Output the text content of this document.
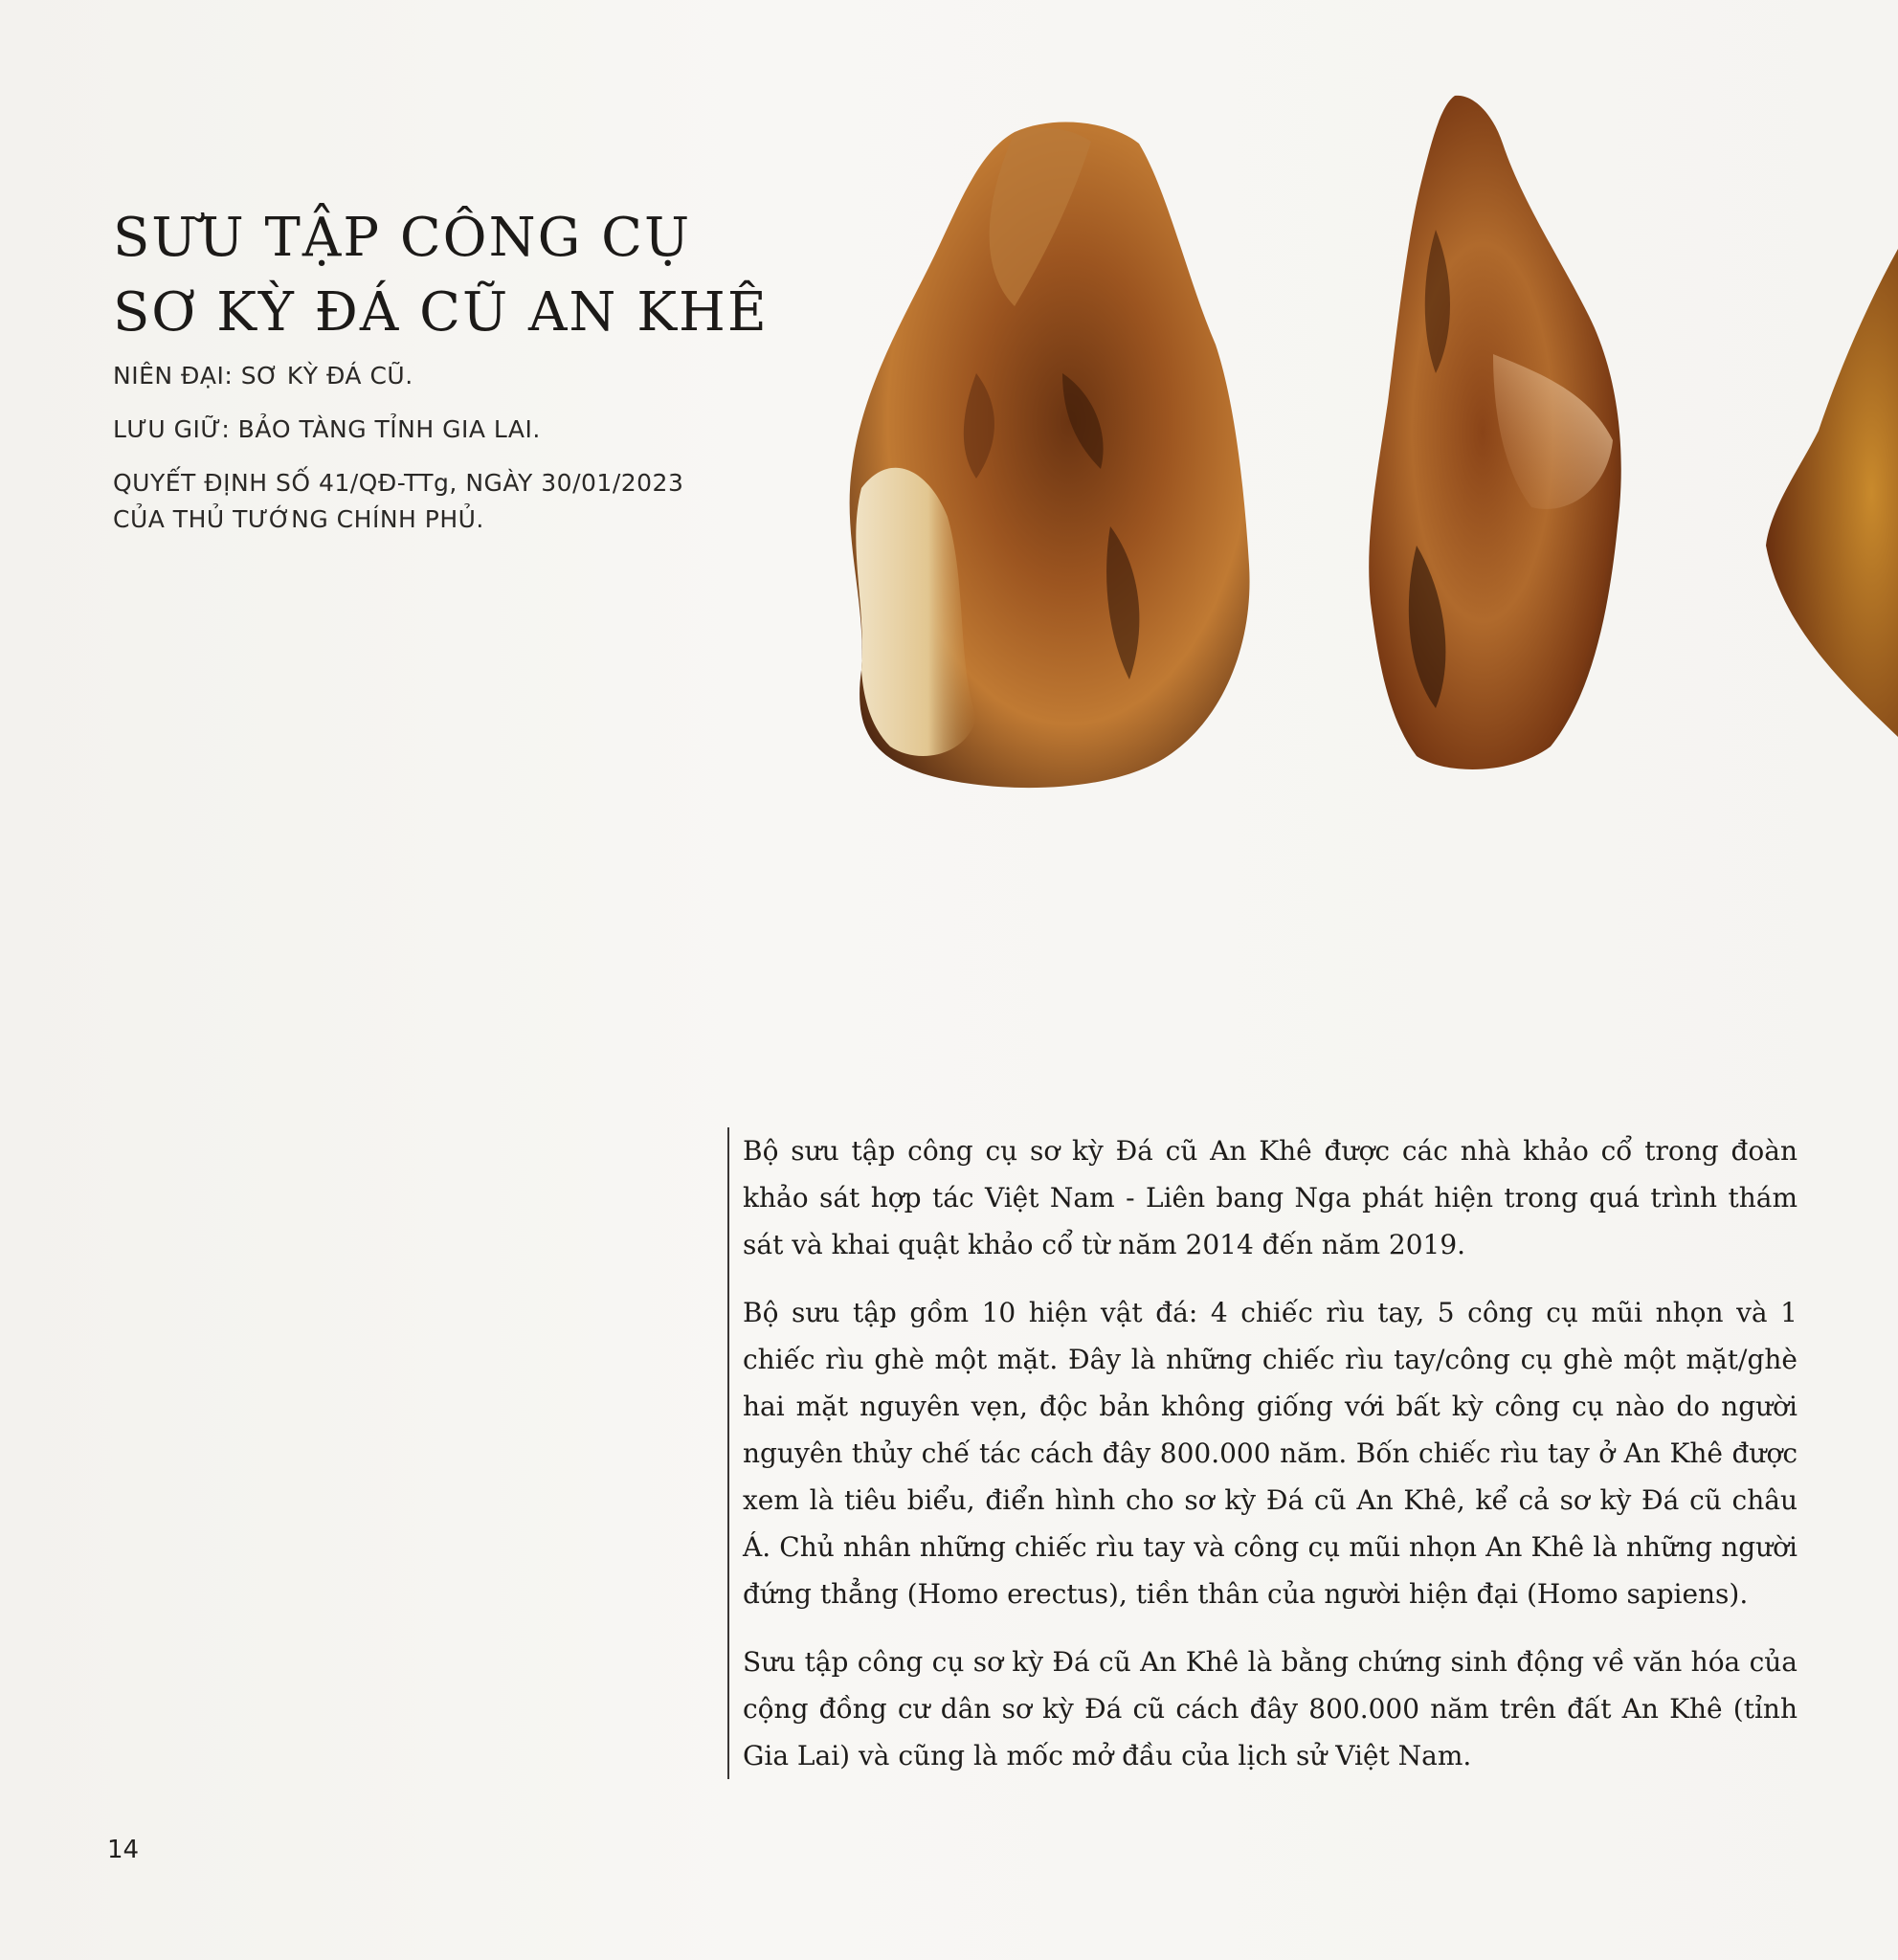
SƯU TẬP CÔNG CỤ
SƠ KỲ ĐÁ CŨ AN KHÊ

NIÊN ĐẠI: SƠ KỲ ĐÁ CŨ.

LƯU GIỮ: BẢO TÀNG TỈNH GIA LAI.

QUYẾT ĐỊNH SỐ 41/QĐ-TTg, NGÀY 30/01/2023 CỦA THỦ TƯỚNG CHÍNH PHỦ.

Bộ sưu tập công cụ sơ kỳ Đá cũ An Khê được các nhà khảo cổ trong đoàn khảo sát hợp tác Việt Nam - Liên bang Nga phát hiện trong quá trình thám sát và khai quật khảo cổ từ năm 2014 đến năm 2019.

Bộ sưu tập gồm 10 hiện vật đá: 4 chiếc rìu tay, 5 công cụ mũi nhọn và 1 chiếc rìu ghè một mặt. Đây là những chiếc rìu tay/công cụ ghè một mặt/ghè hai mặt nguyên vẹn, độc bản không giống với bất kỳ công cụ nào do người nguyên thủy chế tác cách đây 800.000 năm. Bốn chiếc rìu tay ở An Khê được xem là tiêu biểu, điển hình cho sơ kỳ Đá cũ An Khê, kể cả sơ kỳ Đá cũ châu Á. Chủ nhân những chiếc rìu tay và công cụ mũi nhọn An Khê là những người đứng thẳng (Homo erectus), tiền thân của người hiện đại (Homo sapiens).

Sưu tập công cụ sơ kỳ Đá cũ An Khê là bằng chứng sinh động về văn hóa của cộng đồng cư dân sơ kỳ Đá cũ cách đây 800.000 năm trên đất An Khê (tỉnh Gia Lai) và cũng là mốc mở đầu của lịch sử Việt Nam.

14
